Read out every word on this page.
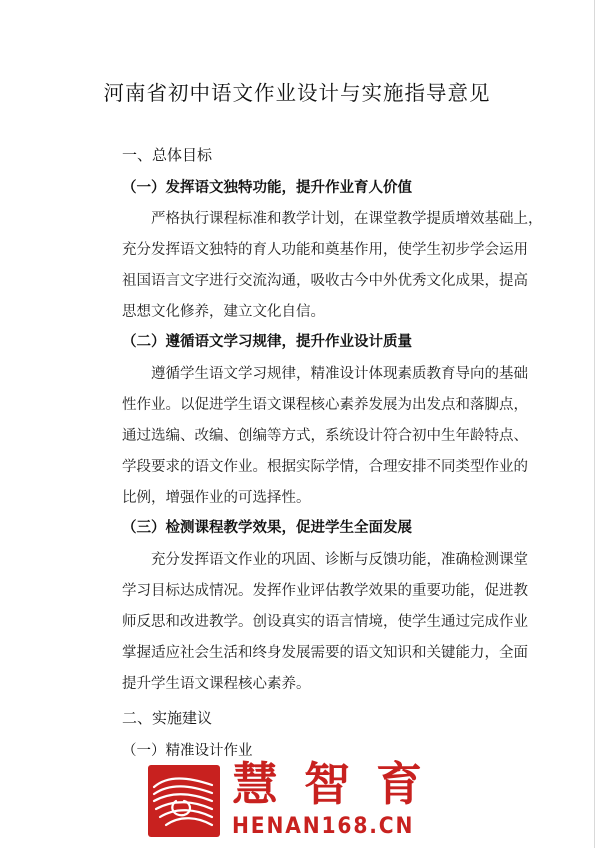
河南省初中语文作业设计与实施指导意见
一、总体目标
（一）发挥语文独特功能，提升作业育人价值
严格执行课程标准和教学计划，在课堂教学提质增效基础上，
充分发挥语文独特的育人功能和奠基作用，使学生初步学会运用
祖国语言文字进行交流沟通，吸收古今中外优秀文化成果，提高
思想文化修养，建立文化自信。
（二）遵循语文学习规律，提升作业设计质量
遵循学生语文学习规律，精准设计体现素质教育导向的基础
性作业。以促进学生语文课程核心素养发展为出发点和落脚点，
通过选编、改编、创编等方式，系统设计符合初中生年龄特点、
学段要求的语文作业。根据实际学情，合理安排不同类型作业的
比例，增强作业的可选择性。
（三）检测课程教学效果，促进学生全面发展
充分发挥语文作业的巩固、诊断与反馈功能，准确检测课堂
学习目标达成情况。发挥作业评估教学效果的重要功能，促进教
师反思和改进教学。创设真实的语言情境，使学生通过完成作业
掌握适应社会生活和终身发展需要的语文知识和关键能力，全面
提升学生语文课程核心素养。
二、实施建议
（一）精准设计作业
慧智育
HENAN168.CN
